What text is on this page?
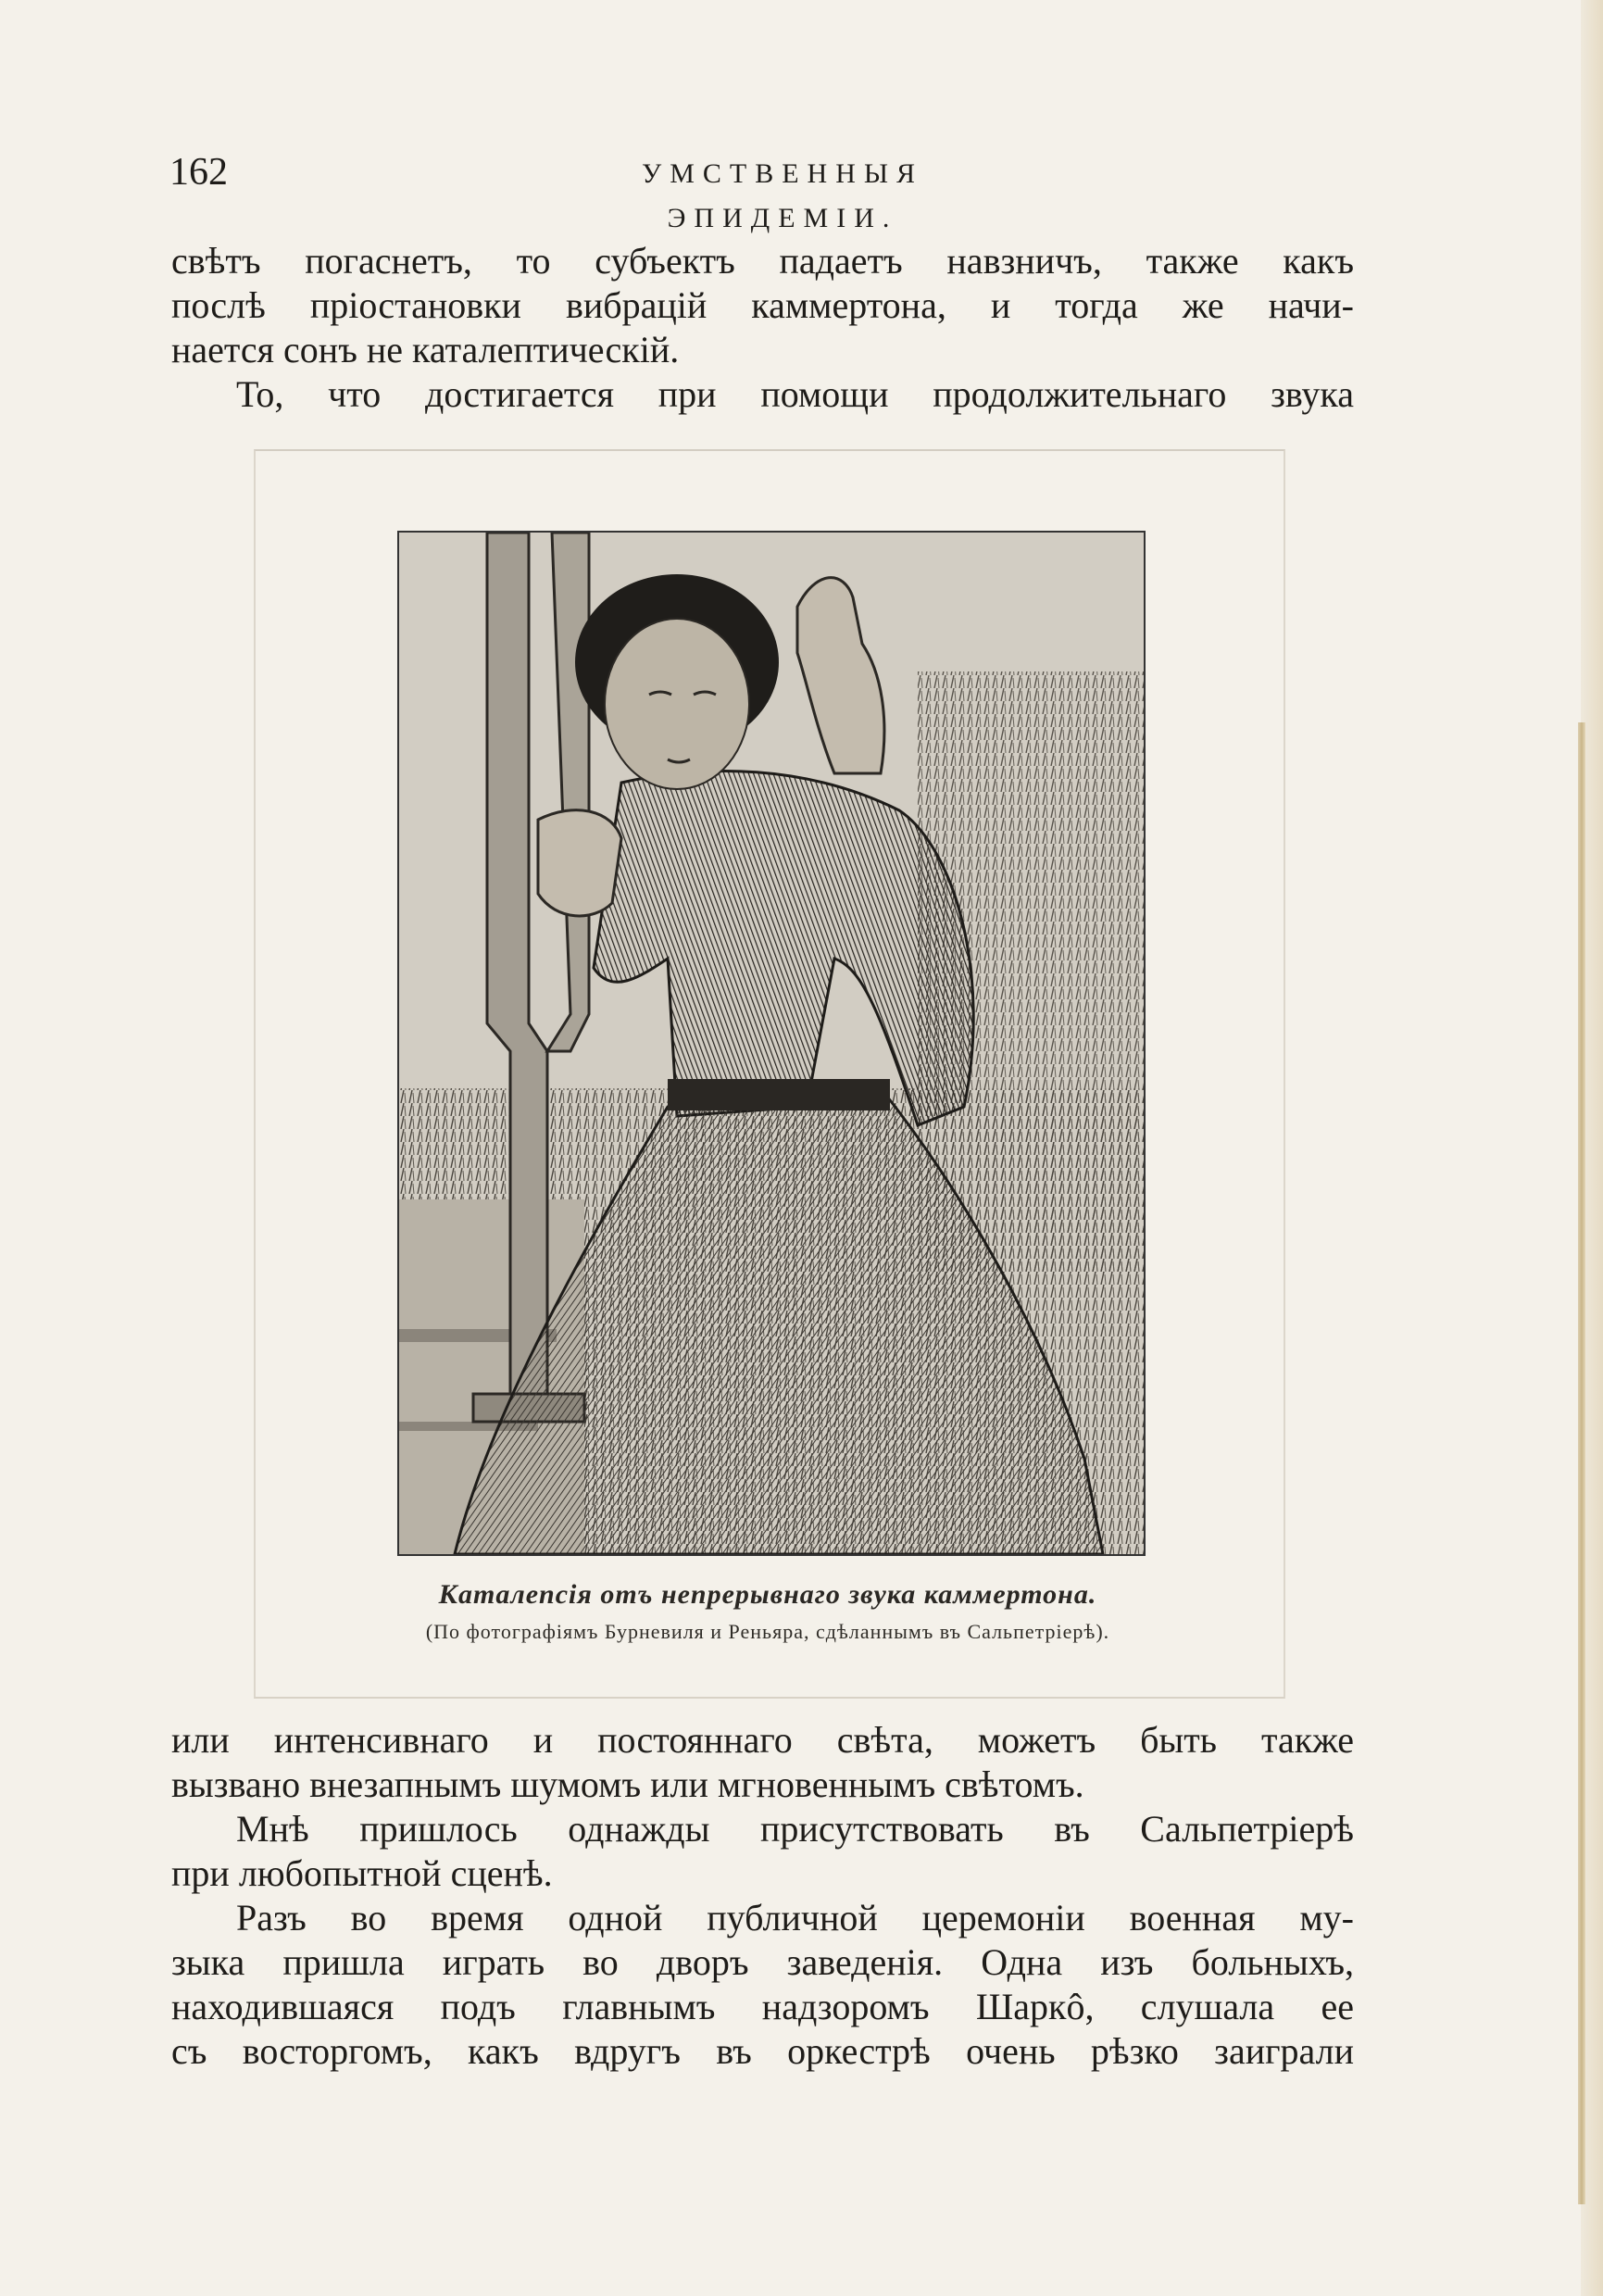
162	УМСТВЕННЫЯ ЭПИДЕМIИ.

свѣтъ погаснетъ, то субъектъ падаетъ навзничъ, также какъ
послѣ пріостановки вибрацій каммертона, и тогда же начи-
нается сонъ не каталептическій.
То, что достигается при помощи продолжительнаго звука

Каталепсія отъ непрерывнаго звука каммертона.
(По фотографіямъ Бурневиля и Реньяра, сдѣланнымъ въ Сальпетріерѣ).

или интенсивнаго и постояннаго свѣта, можетъ быть также
вызвано внезапнымъ шумомъ или мгновеннымъ свѣтомъ.
Мнѣ пришлось однажды присутствовать въ Сальпетріерѣ
при любопытной сценѣ.
Разъ во время одной публичной церемоніи военная му-
зыка пришла играть во дворъ заведенія. Одна изъ больныхъ,
находившаяся подъ главнымъ надзоромъ Шаркô, слушала ее
съ восторгомъ, какъ вдругъ въ оркестрѣ очень рѣзко заиграли
